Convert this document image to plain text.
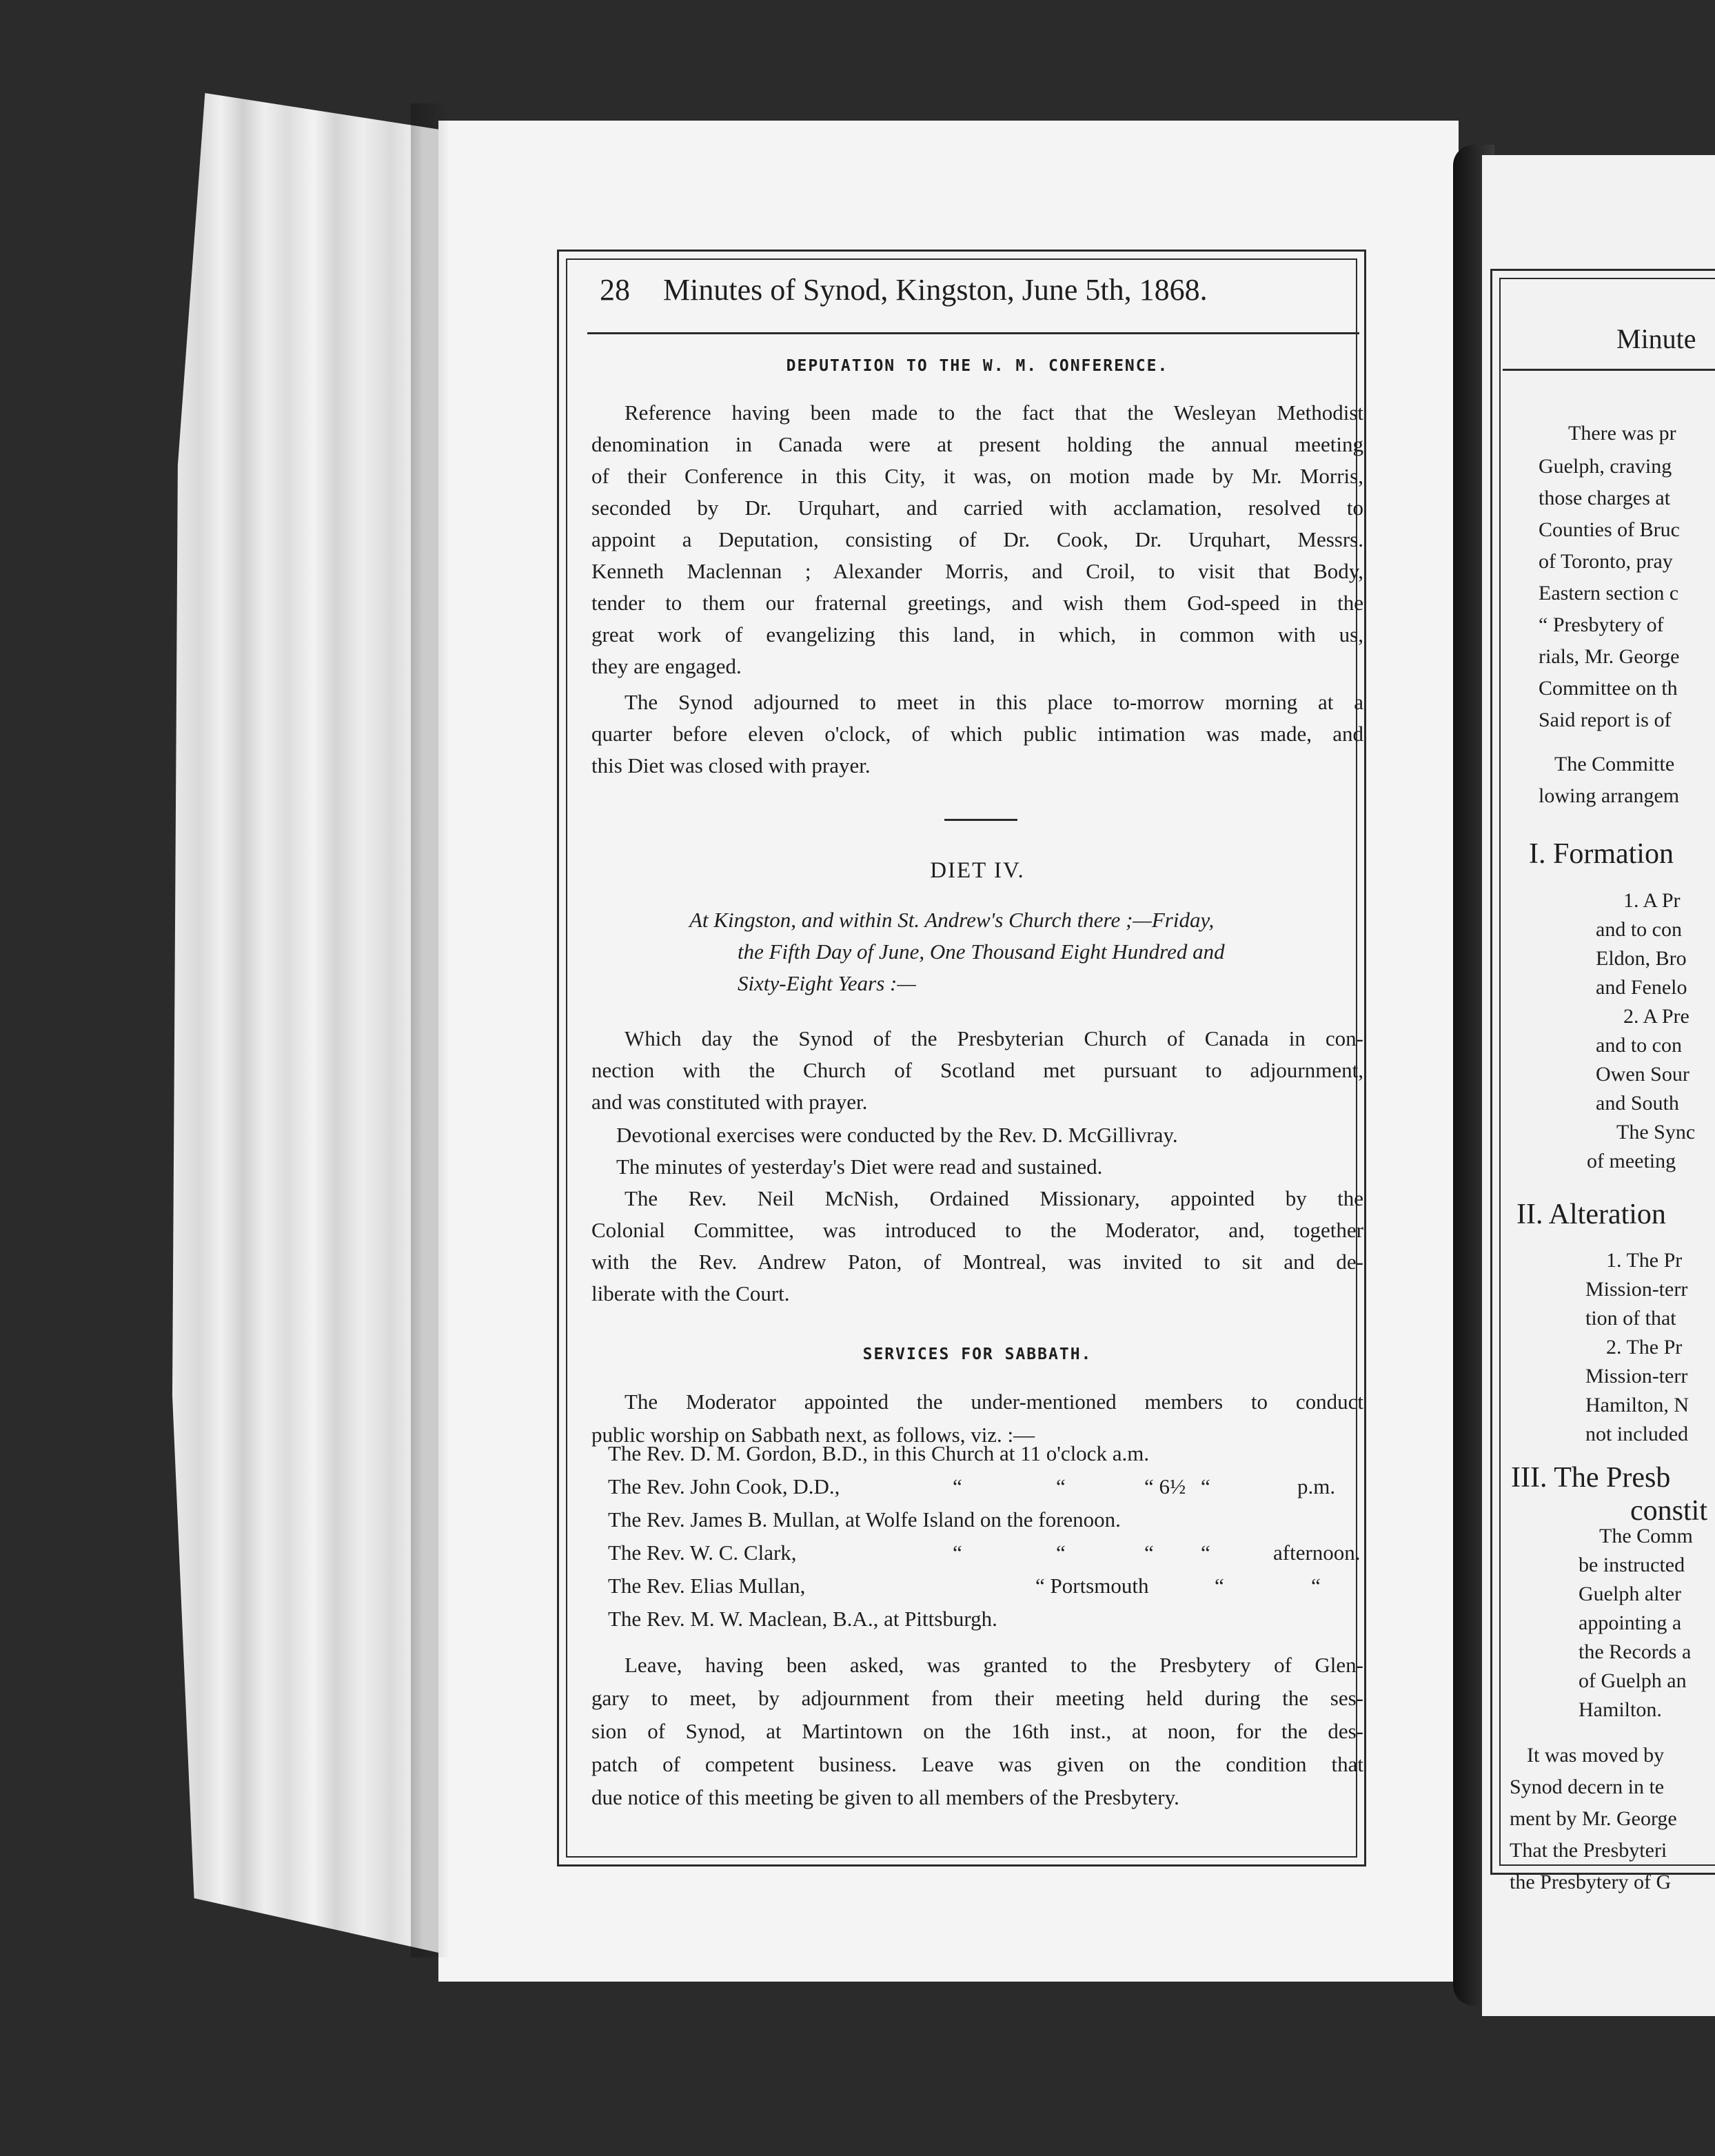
28 Minutes of Synod, Kingston, June 5th, 1868.
DEPUTATION TO THE W. M. CONFERENCE.
Reference having been made to the fact that the Wesleyan Methodist
denomination in Canada were at present holding the annual meeting
of their Conference in this City, it was, on motion made by Mr. Morris,
seconded by Dr. Urquhart, and carried with acclamation, resolved to
appoint a Deputation, consisting of Dr. Cook, Dr. Urquhart, Messrs.
Kenneth Maclennan ; Alexander Morris, and Croil, to visit that Body,
tender to them our fraternal greetings, and wish them God-speed in the
great work of evangelizing this land, in which, in common with us,
they are engaged.
The Synod adjourned to meet in this place to-morrow morning at a
quarter before eleven o'clock, of which public intimation was made, and
this Diet was closed with prayer.
DIET IV.
At Kingston, and within St. Andrew's Church there ;—Friday,
the Fifth Day of June, One Thousand Eight Hundred and
Sixty-Eight Years :—
Which day the Synod of the Presbyterian Church of Canada in con-
nection with the Church of Scotland met pursuant to adjournment,
and was constituted with prayer.

Devotional exercises were conducted by the Rev. D. McGillivray.

The minutes of yesterday's Diet were read and sustained.

The Rev. Neil McNish, Ordained Missionary, appointed by the
Colonial Committee, was introduced to the Moderator, and, together
with the Rev. Andrew Paton, of Montreal, was invited to sit and de-
liberate with the Court.
SERVICES FOR SABBATH.
The Moderator appointed the under-mentioned members to conduct
public worship on Sabbath next, as follows, viz. :—
The Rev. D. M. Gordon, B.D., in this Church at 11 o'clock a.m.
The Rev. John Cook, D.D.,	“	“	“ 6½ “	p.m.
The Rev. James B. Mullan, at Wolfe Island on the forenoon.
The Rev. W. C. Clark,	“	“	“ “	afternoon.
The Rev. Elias Mullan,	“ Portsmouth	“	“
The Rev. M. W. Maclean, B.A., at Pittsburgh.
Leave, having been asked, was granted to the Presbytery of Glen-
gary to meet, by adjournment from their meeting held during the ses-
sion of Synod, at Martintown on the 16th inst., at noon, for the des-
patch of competent business. Leave was given on the condition that
due notice of this meeting be given to all members of the Presbytery.
Minute
There was pr
Guelph, craving
those charges at
Counties of Bruc
of Toronto, pray
Eastern section c
“ Presbytery of
rials, Mr. George
Committee on th
Said report is of
The Committe
lowing arrangem
1. A Pr
and to con
Eldon, Bro
and Fenelo
2. A Pre
and to con
Owen Sour
and South
The Sync
of meeting
1. The Pr
Mission-terr
tion of that
2. The Pr
Mission-terr
Hamilton, N
not included
The Comm
be instructed
Guelph alter
appointing a
the Records a
of Guelph an
Hamilton.
It was moved by
Synod decern in te
ment by Mr. George
That the Presbyteri
the Presbytery of G
I. Formation
II. Alteration
III. The Presb
constit
